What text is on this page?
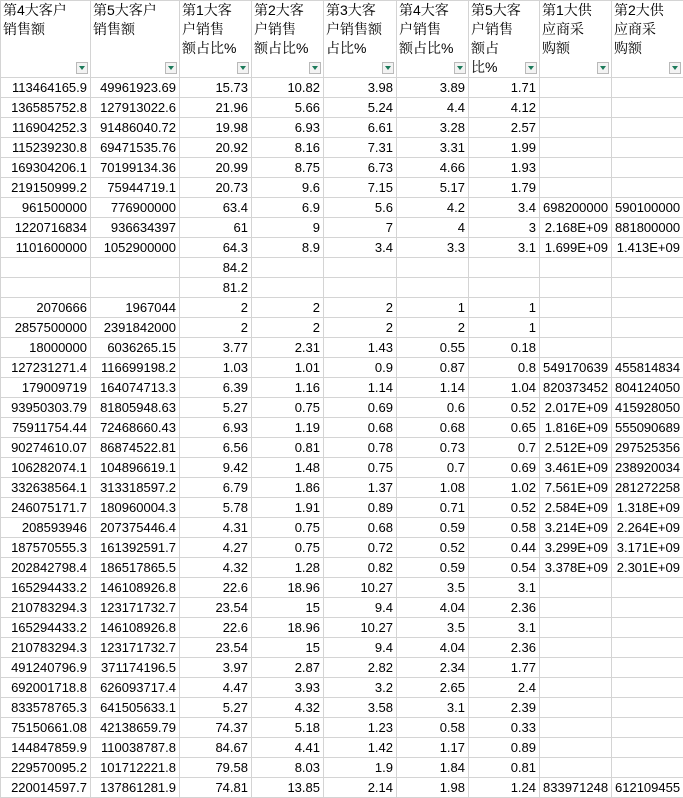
第4大客户销售额	第5大客户销售额	第1大客户销售额占比%	第2大客户销售额占比%	第3大客户销售额占比%	第4大客户销售额占比%	第5大客户销售额占比%	第1大供应商采购额	第2大供应商采购额

113464165.9	49961923.69	15.73	10.82	3.98	3.89	1.71		
136585752.8	127913022.6	21.96	5.66	5.24	4.4	4.12		
116904252.3	91486040.72	19.98	6.93	6.61	3.28	2.57		
115239230.8	69471535.76	20.92	8.16	7.31	3.31	1.99		
169304206.1	70199134.36	20.99	8.75	6.73	4.66	1.93		
219150999.2	75944719.1	20.73	9.6	7.15	5.17	1.79		
961500000	776900000	63.4	6.9	5.6	4.2	3.4	698200000	590100000
1220716834	936634397	61	9	7	4	3	2.168E+09	881800000
1101600000	1052900000	64.3	8.9	3.4	3.3	3.1	1.699E+09	1.413E+09
		84.2						
		81.2						
2070666	1967044	2	2	2	1	1		
2857500000	2391842000	2	2	2	2	1		
18000000	6036265.15	3.77	2.31	1.43	0.55	0.18		
127231271.4	116699198.2	1.03	1.01	0.9	0.87	0.8	549170639	455814834
179009719	164074713.3	6.39	1.16	1.14	1.14	1.04	820373452	804124050
93950303.79	81805948.63	5.27	0.75	0.69	0.6	0.52	2.017E+09	415928050
75911754.44	72468660.43	6.93	1.19	0.68	0.68	0.65	1.816E+09	555090689
90274610.07	86874522.81	6.56	0.81	0.78	0.73	0.7	2.512E+09	297525356
106282074.1	104896619.1	9.42	1.48	0.75	0.7	0.69	3.461E+09	238920034
332638564.1	313318597.2	6.79	1.86	1.37	1.08	1.02	7.561E+09	281272258
246075171.7	180960004.3	5.78	1.91	0.89	0.71	0.52	2.584E+09	1.318E+09
208593946	207375446.4	4.31	0.75	0.68	0.59	0.58	3.214E+09	2.264E+09
187570555.3	161392591.7	4.27	0.75	0.72	0.52	0.44	3.299E+09	3.171E+09
202842798.4	186517865.5	4.32	1.28	0.82	0.59	0.54	3.378E+09	2.301E+09
165294433.2	146108926.8	22.6	18.96	10.27	3.5	3.1		
210783294.3	123171732.7	23.54	15	9.4	4.04	2.36		
165294433.2	146108926.8	22.6	18.96	10.27	3.5	3.1		
210783294.3	123171732.7	23.54	15	9.4	4.04	2.36		
491240796.9	371174196.5	3.97	2.87	2.82	2.34	1.77		
692001718.8	626093717.4	4.47	3.93	3.2	2.65	2.4		
833578765.3	641505633.1	5.27	4.32	3.58	3.1	2.39		
75150661.08	42138659.79	74.37	5.18	1.23	0.58	0.33		
144847859.9	110038787.8	84.67	4.41	1.42	1.17	0.89		
229570095.2	101712221.8	79.58	8.03	1.9	1.84	0.81		
220014597.7	137861281.9	74.81	13.85	2.14	1.98	1.24	833971248	612109455
